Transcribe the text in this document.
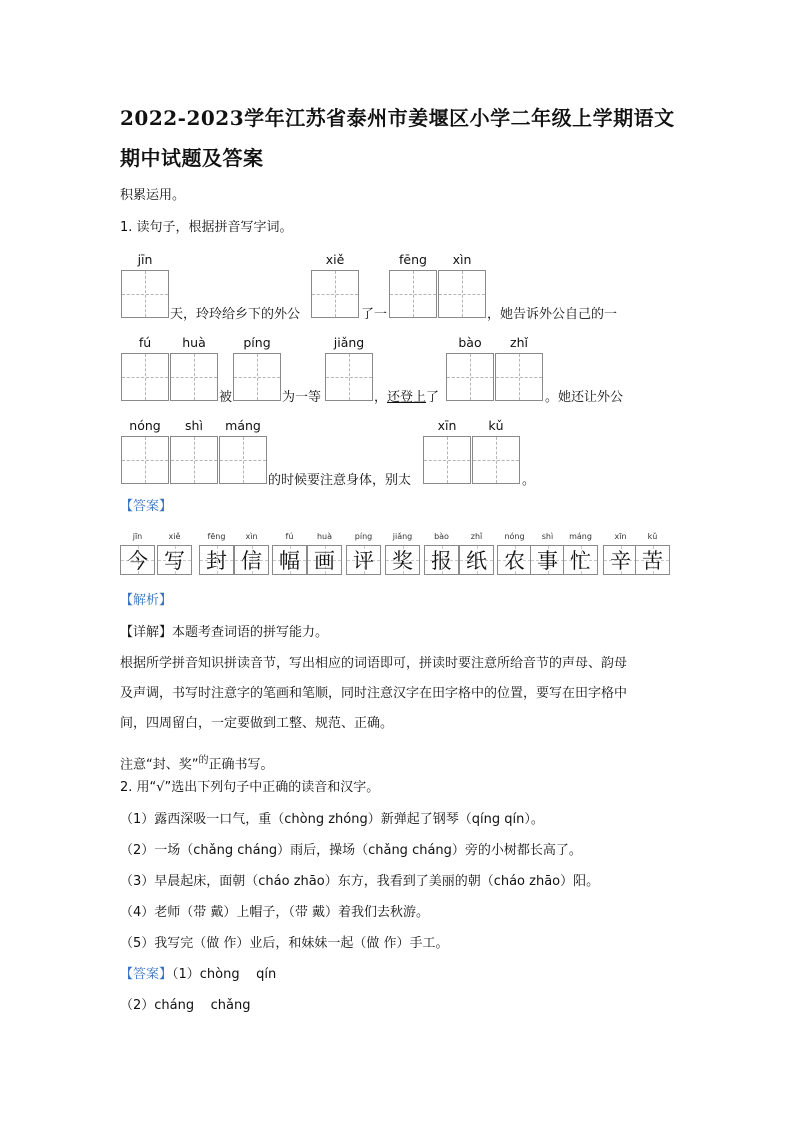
2022-2023学年江苏省泰州市姜堰区小学二年级上学期语文
期中试题及答案
积累运用。
1. 读句子，根据拼音写字词。
jīn
天，玲玲给乡下的外公
xiě
了一
fēng	xìn
，她告诉外公自己的一
fú	huà
被
píng
为一等
jiǎng
，还登上了
bào	zhǐ
。她还让外公
nóng	shì	máng
的时候要注意身体，别太
xīn	kǔ
。
【答案】
jīn
今
xiě
写
fēng
封
xìn
信
fú
幅
huà
画
píng
评
jiǎng
奖
bào
报
zhǐ
纸
nóng
农
shì
事
máng
忙
xīn
辛
kǔ
苦
【解析】
【详解】本题考查词语的拼写能力。
根据所学拼音知识拼读音节，写出相应的词语即可，拼读时要注意所给音节的声母、韵母
及声调，书写时注意字的笔画和笔顺，同时注意汉字在田字格中的位置，要写在田字格中
间，四周留白，一定要做到工整、规范、正确。
注意“封、奖”$^的$正确书写。
2. 用“√”选出下列句子中正确的读音和汉字。
（1）露西深吸一口气，重（chòng zhóng）新弹起了钢琴（qíng qín）。
（2）一场（chǎng cháng）雨后，操场（chǎng cháng）旁的小树都长高了。
（3）早晨起床，面朝（cháo zhāo）东方，我看到了美丽的朝（cháo zhāo）阳。
（4）老师（带 戴）上帽子，（带 戴）着我们去秋游。
（5）我写完（做 作）业后，和妹妹一起（做 作）手工。
【答案】（1）chòng    qín
（2）cháng    chǎng
